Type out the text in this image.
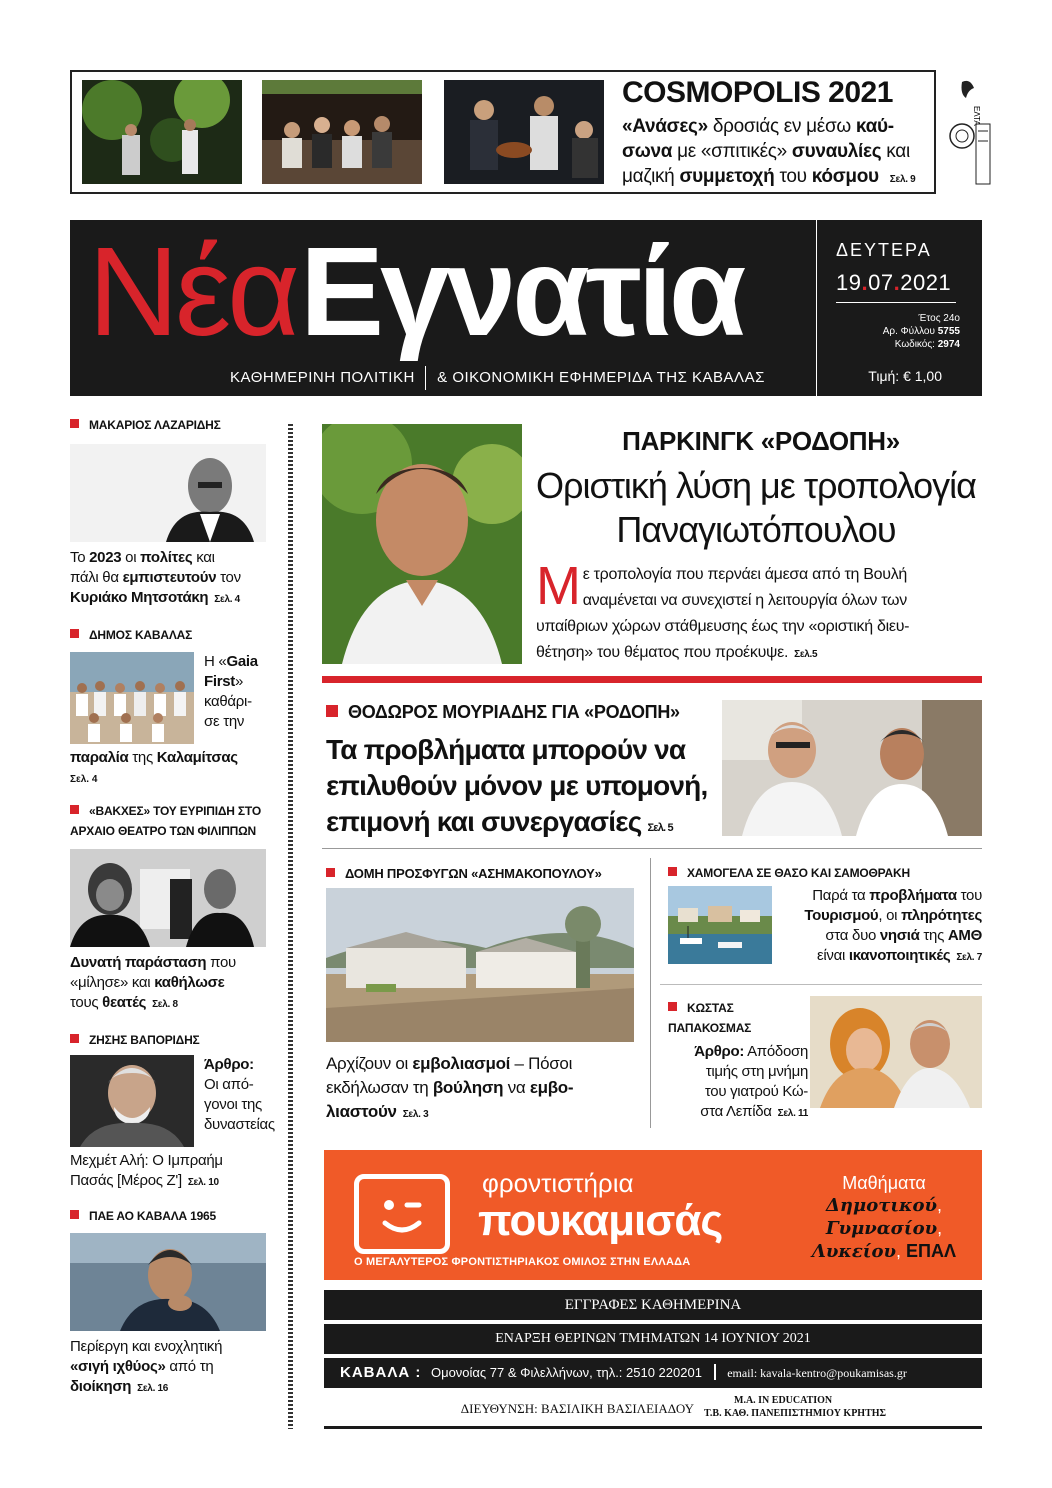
COSMOPOLIS 2021
«Ανάσες» δροσιάς εν μέσω καύ-
σωνα με «σπιτικές» συναυλίες και
μαζική συμμετοχή του κόσμου Σελ. 9
ΕΛΤΑ
ΝέαΕγνατία
ΚΑΘΗΜΕΡΙΝΗ ΠΟΛΙΤΙΚΗ & ΟΙΚΟΝΟΜΙΚΗ ΕΦΗΜΕΡΙΔΑ ΤΗΣ ΚΑΒΑΛΑΣ
ΔΕΥΤΕΡΑ
19.07.2021
Έτος 24ο
Αρ. Φύλλου 5755
Κωδικός: 2974
Τιμή: € 1,00
ΜΑΚΑΡΙΟΣ ΛΑΖΑΡΙΔΗΣ
Το 2023 οι πολίτες και
πάλι θα εμπιστευτούν τον
Κυριάκο Μητσοτάκη Σελ. 4
ΔΗΜΟΣ ΚΑΒΑΛΑΣ
Η «Gaia
First»
καθάρι-
σε την
παραλία της Καλαμίτσας
Σελ. 4
«ΒΑΚΧΕΣ» ΤΟΥ ΕΥΡΙΠΙΔΗ ΣΤΟ
ΑΡΧΑΙΟ ΘΕΑΤΡΟ ΤΩΝ ΦΙΛΙΠΠΩΝ
Δυνατή παράσταση που
«μίλησε» και καθήλωσε
τους θεατές Σελ. 8
ΖΗΣΗΣ ΒΑΠΟΡΙΔΗΣ
Άρθρο:
Οι από-
γονοι της
δυναστείας
Μεχμέτ Αλή: Ο Ιμπραήμ
Πασάς [Μέρος Ζ'] Σελ. 10
ΠΑΕ ΑΟ ΚΑΒΑΛΑ 1965
Περίεργη και ενοχλητική
«σιγή ιχθύος» από τη
διοίκηση Σελ. 16
ΠΑΡΚΙΝΓΚ «ΡΟΔΟΠΗ»
Οριστική λύση με τροπολογία
Παναγιωτόπουλου
Μ ε τροπολογία που περνάει άμεσα από τη Βουλή
αναμένεται να συνεχιστεί η λειτουργία όλων των
υπαίθριων χώρων στάθμευσης έως την «οριστική διευ-
θέτηση» του θέματος που προέκυψε. Σελ.5
ΘΟΔΩΡΟΣ ΜΟΥΡΙΑΔΗΣ ΓΙΑ «ΡΟΔΟΠΗ»
Τα προβλήματα μπορούν να
επιλυθούν μόνον με υπομονή,
επιμονή και συνεργασίες Σελ. 5
ΔΟΜΗ ΠΡΟΣΦΥΓΩΝ «ΑΣΗΜΑΚΟΠΟΥΛΟΥ»
Αρχίζουν οι εμβολιασμοί – Πόσοι
εκδήλωσαν τη βούληση να εμβο-
λιαστούν Σελ. 3
ΧΑΜΟΓΕΛΑ ΣΕ ΘΑΣΟ ΚΑΙ ΣΑΜΟΘΡΑΚΗ
Παρά τα προβλήματα του
Τουρισμού, οι πληρότητες
στα δυο νησιά της ΑΜΘ
είναι ικανοποιητικές Σελ. 7
ΚΩΣΤΑΣ
ΠΑΠΑΚΟΣΜΑΣ
Άρθρο: Απόδοση
τιμής στη μνήμη
του γιατρού Κώ-
στα Λεπίδα Σελ. 11
φροντιστήρια
πουκαμισάς
Ο ΜΕΓΑΛΥΤΕΡΟΣ ΦΡΟΝΤΙΣΤΗΡΙΑΚΟΣ ΟΜΙΛΟΣ ΣΤΗΝ ΕΛΛΑΔΑ
Μαθήματα
Δημοτικού,
Γυμνασίου,
Λυκείου, ΕΠΑΛ
ΕΓΓΡΑΦΕΣ ΚΑΘΗΜΕΡΙΝΑ
ΕΝΑΡΞΗ ΘΕΡΙΝΩΝ ΤΜΗΜΑΤΩΝ 14 ΙΟΥΝΙΟΥ 2021
ΚΑΒΑΛΑ : Ομονοίας 77 & Φιλελλήνων, τηλ.: 2510 220201 email: kavala-kentro@poukamisas.gr
ΔΙΕΥΘΥΝΣΗ: ΒΑΣΙΛΙΚΗ ΒΑΣΙΛΕΙΑΔΟΥ
M.A. IN EDUCATION
Τ.Β. ΚΑΘ. ΠΑΝΕΠΙΣΤΗΜΙΟΥ ΚΡΗΤΗΣ
